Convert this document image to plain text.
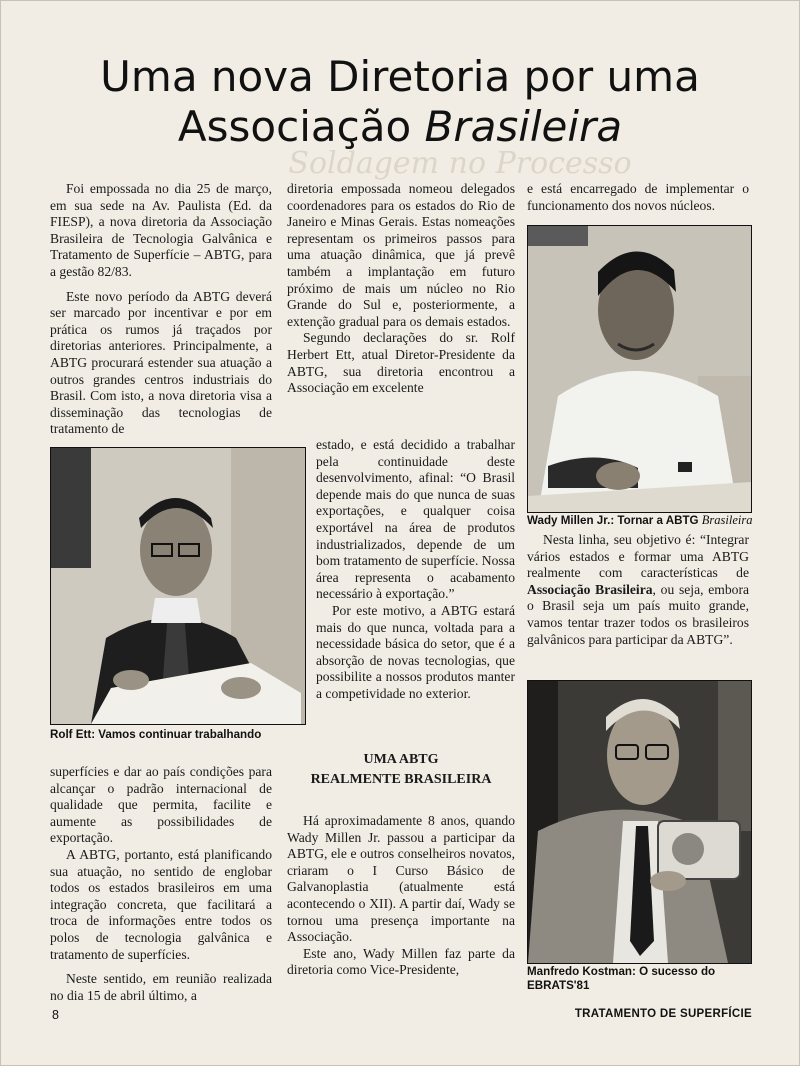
Uma nova Diretoria por uma
Associação Brasileira
Soldagem no Processo

Foi empossada no dia 25 de março, em sua sede na Av. Paulista (Ed. da FIESP), a nova diretoria da Associação Brasileira de Tecnologia Galvânica e Tratamento de Superfície – ABTG, para a gestão 82/83.

Este novo período da ABTG deverá ser marcado por incentivar e por em prática os rumos já traçados por diretorias anteriores. Principalmente, a ABTG procurará estender sua atuação a outros grandes centros industriais do Brasil. Com isto, a nova diretoria visa a disseminação das tecnologias de tratamento de

Rolf Ett: Vamos continuar trabalhando

superfícies e dar ao país condições para alcançar o padrão internacional de qualidade que permita, facilite e aumente as possibilidades de exportação.

A ABTG, portanto, está planificando sua atuação, no sentido de englobar todos os estados brasileiros em uma integração concreta, que facilitará a troca de informações entre todos os polos de tecnologia galvânica e tratamento de superfícies.

Neste sentido, em reunião realizada no dia 15 de abril último, a

diretoria empossada nomeou delegados coordenadores para os estados do Rio de Janeiro e Minas Gerais. Estas nomeações representam os primeiros passos para uma atuação dinâmica, que já prevê também a implantação em futuro próximo de mais um núcleo no Rio Grande do Sul e, posteriormente, a extenção gradual para os demais estados.

Segundo declarações do sr. Rolf Herbert Ett, atual Diretor-Presidente da ABTG, sua diretoria encontrou a Associação em excelente

estado, e está decidido a trabalhar pela continuidade deste desenvolvimento, afinal: “O Brasil depende mais do que nunca de suas exportações, e qualquer coisa exportável na área de produtos industrializados, depende de um bom tratamento de superfície. Nossa área representa o acabamento necessário à exportação.”

Por este motivo, a ABTG estará mais do que nunca, voltada para a necessidade básica do setor, que é a absorção de novas tecnologias, que possibilite a nossos produtos manter a competividade no exterior.

UMA ABTG
REALMENTE BRASILEIRA

Há aproximadamente 8 anos, quando Wady Millen Jr. passou a participar da ABTG, ele e outros conselheiros novatos, criaram o I Curso Básico de Galvanoplastia (atualmente está acontecendo o XII). A partir daí, Wady se tornou uma presença importante na Associação.

Este ano, Wady Millen faz parte da diretoria como Vice-Presidente,

e está encarregado de implementar o funcionamento dos novos núcleos.

Wady Millen Jr.: Tornar a ABTG Brasileira

Nesta linha, seu objetivo é: “Integrar vários estados e formar uma ABTG realmente com características de Associação Brasileira, ou seja, embora o Brasil seja um país muito grande, vamos tentar trazer todos os brasileiros galvânicos para participar da ABTG”.

Manfredo Kostman: O sucesso do EBRATS'81
8	TRATAMENTO DE SUPERFÍCIE
